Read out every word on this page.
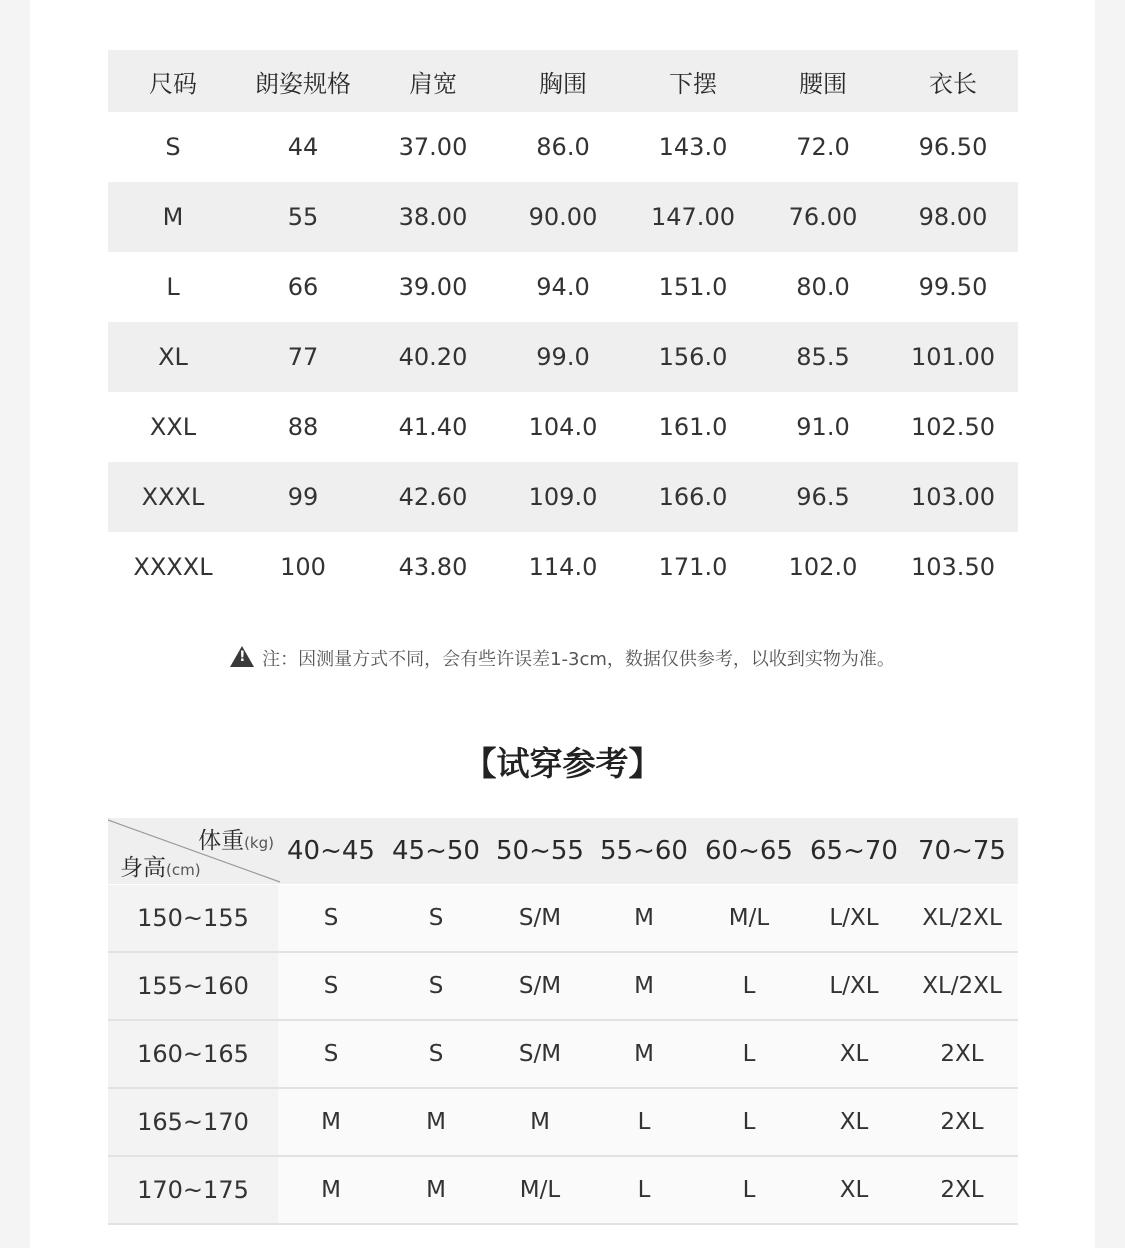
尺码	朗姿规格	肩宽	胸围	下摆	腰围	衣长
S	44	37.00	86.0	143.0	72.0	96.50
M	55	38.00	90.00	147.00	76.00	98.00
L	66	39.00	94.0	151.0	80.0	99.50
XL	77	40.20	99.0	156.0	85.5	101.00
XXL	88	41.40	104.0	161.0	91.0	102.50
XXXL	99	42.60	109.0	166.0	96.5	103.00
XXXXL	100	43.80	114.0	171.0	102.0	103.50
!注：因测量方式不同，会有些许误差1-3cm，数据仅供参考，以收到实物为准。
【试穿参考】
体重(kg)
身高(cm)	40~45	45~50	50~55	55~60	60~65	65~70	70~75
150~155	S	S	S/M	M	M/L	L/XL	XL/2XL
155~160	S	S	S/M	M	L	L/XL	XL/2XL
160~165	S	S	S/M	M	L	XL	2XL
165~170	M	M	M	L	L	XL	2XL
170~175	M	M	M/L	L	L	XL	2XL
